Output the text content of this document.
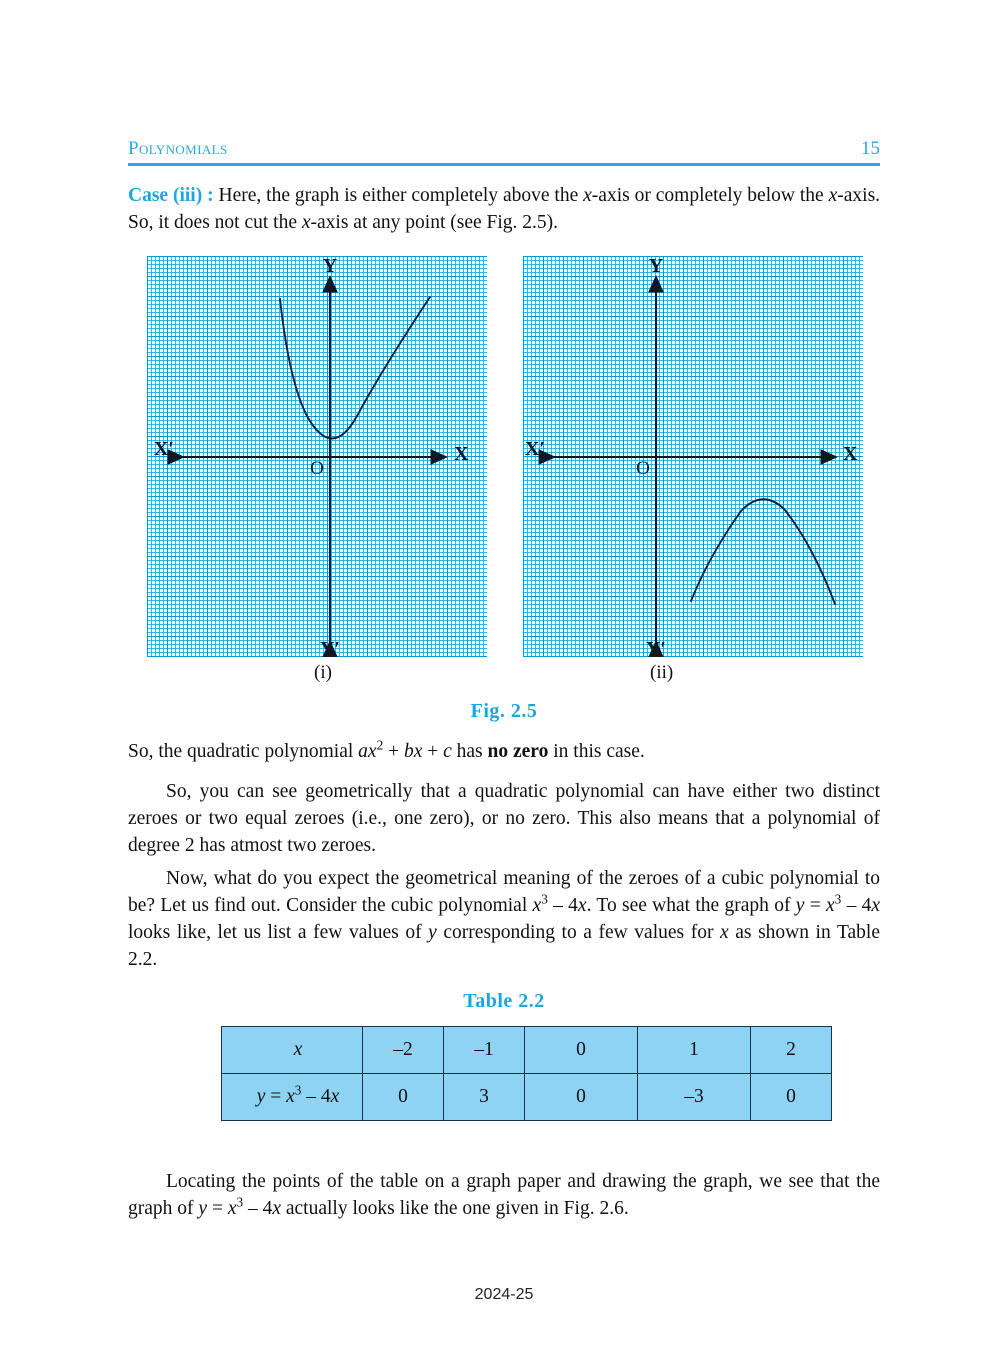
Polynomials	15
Case (iii) : Here, the graph is either completely above the x-axis or completely below the x-axis. So, it does not cut the x-axis at any point (see Fig. 2.5).
X′	X
Y
Y′
O
X′	X
Y
Y′
O
(i)	(ii)
Fig. 2.5
So, the quadratic polynomial $ax^2$ + bx + c has no zero in this case.
So, you can see geometrically that a quadratic polynomial can have either two distinct zeroes or two equal zeroes (i.e., one zero), or no zero. This also means that a polynomial of degree 2 has atmost two zeroes.
Now, what do you expect the geometrical meaning of the zeroes of a cubic polynomial to be? Let us find out. Consider the cubic polynomial $x^3 - 4x$. To see what the graph of $y = x^3 - 4x$ looks like, let us list a few values of y corresponding to a few values for x as shown in Table 2.2.
Table 2.2
x	–2	–1	0	1	2
$y = x^3 - 4x$	0	3	0	–3	0
Locating the points of the table on a graph paper and drawing the graph, we see that the graph of $y = x^3 - 4x$ actually looks like the one given in Fig. 2.6.
2024-25
